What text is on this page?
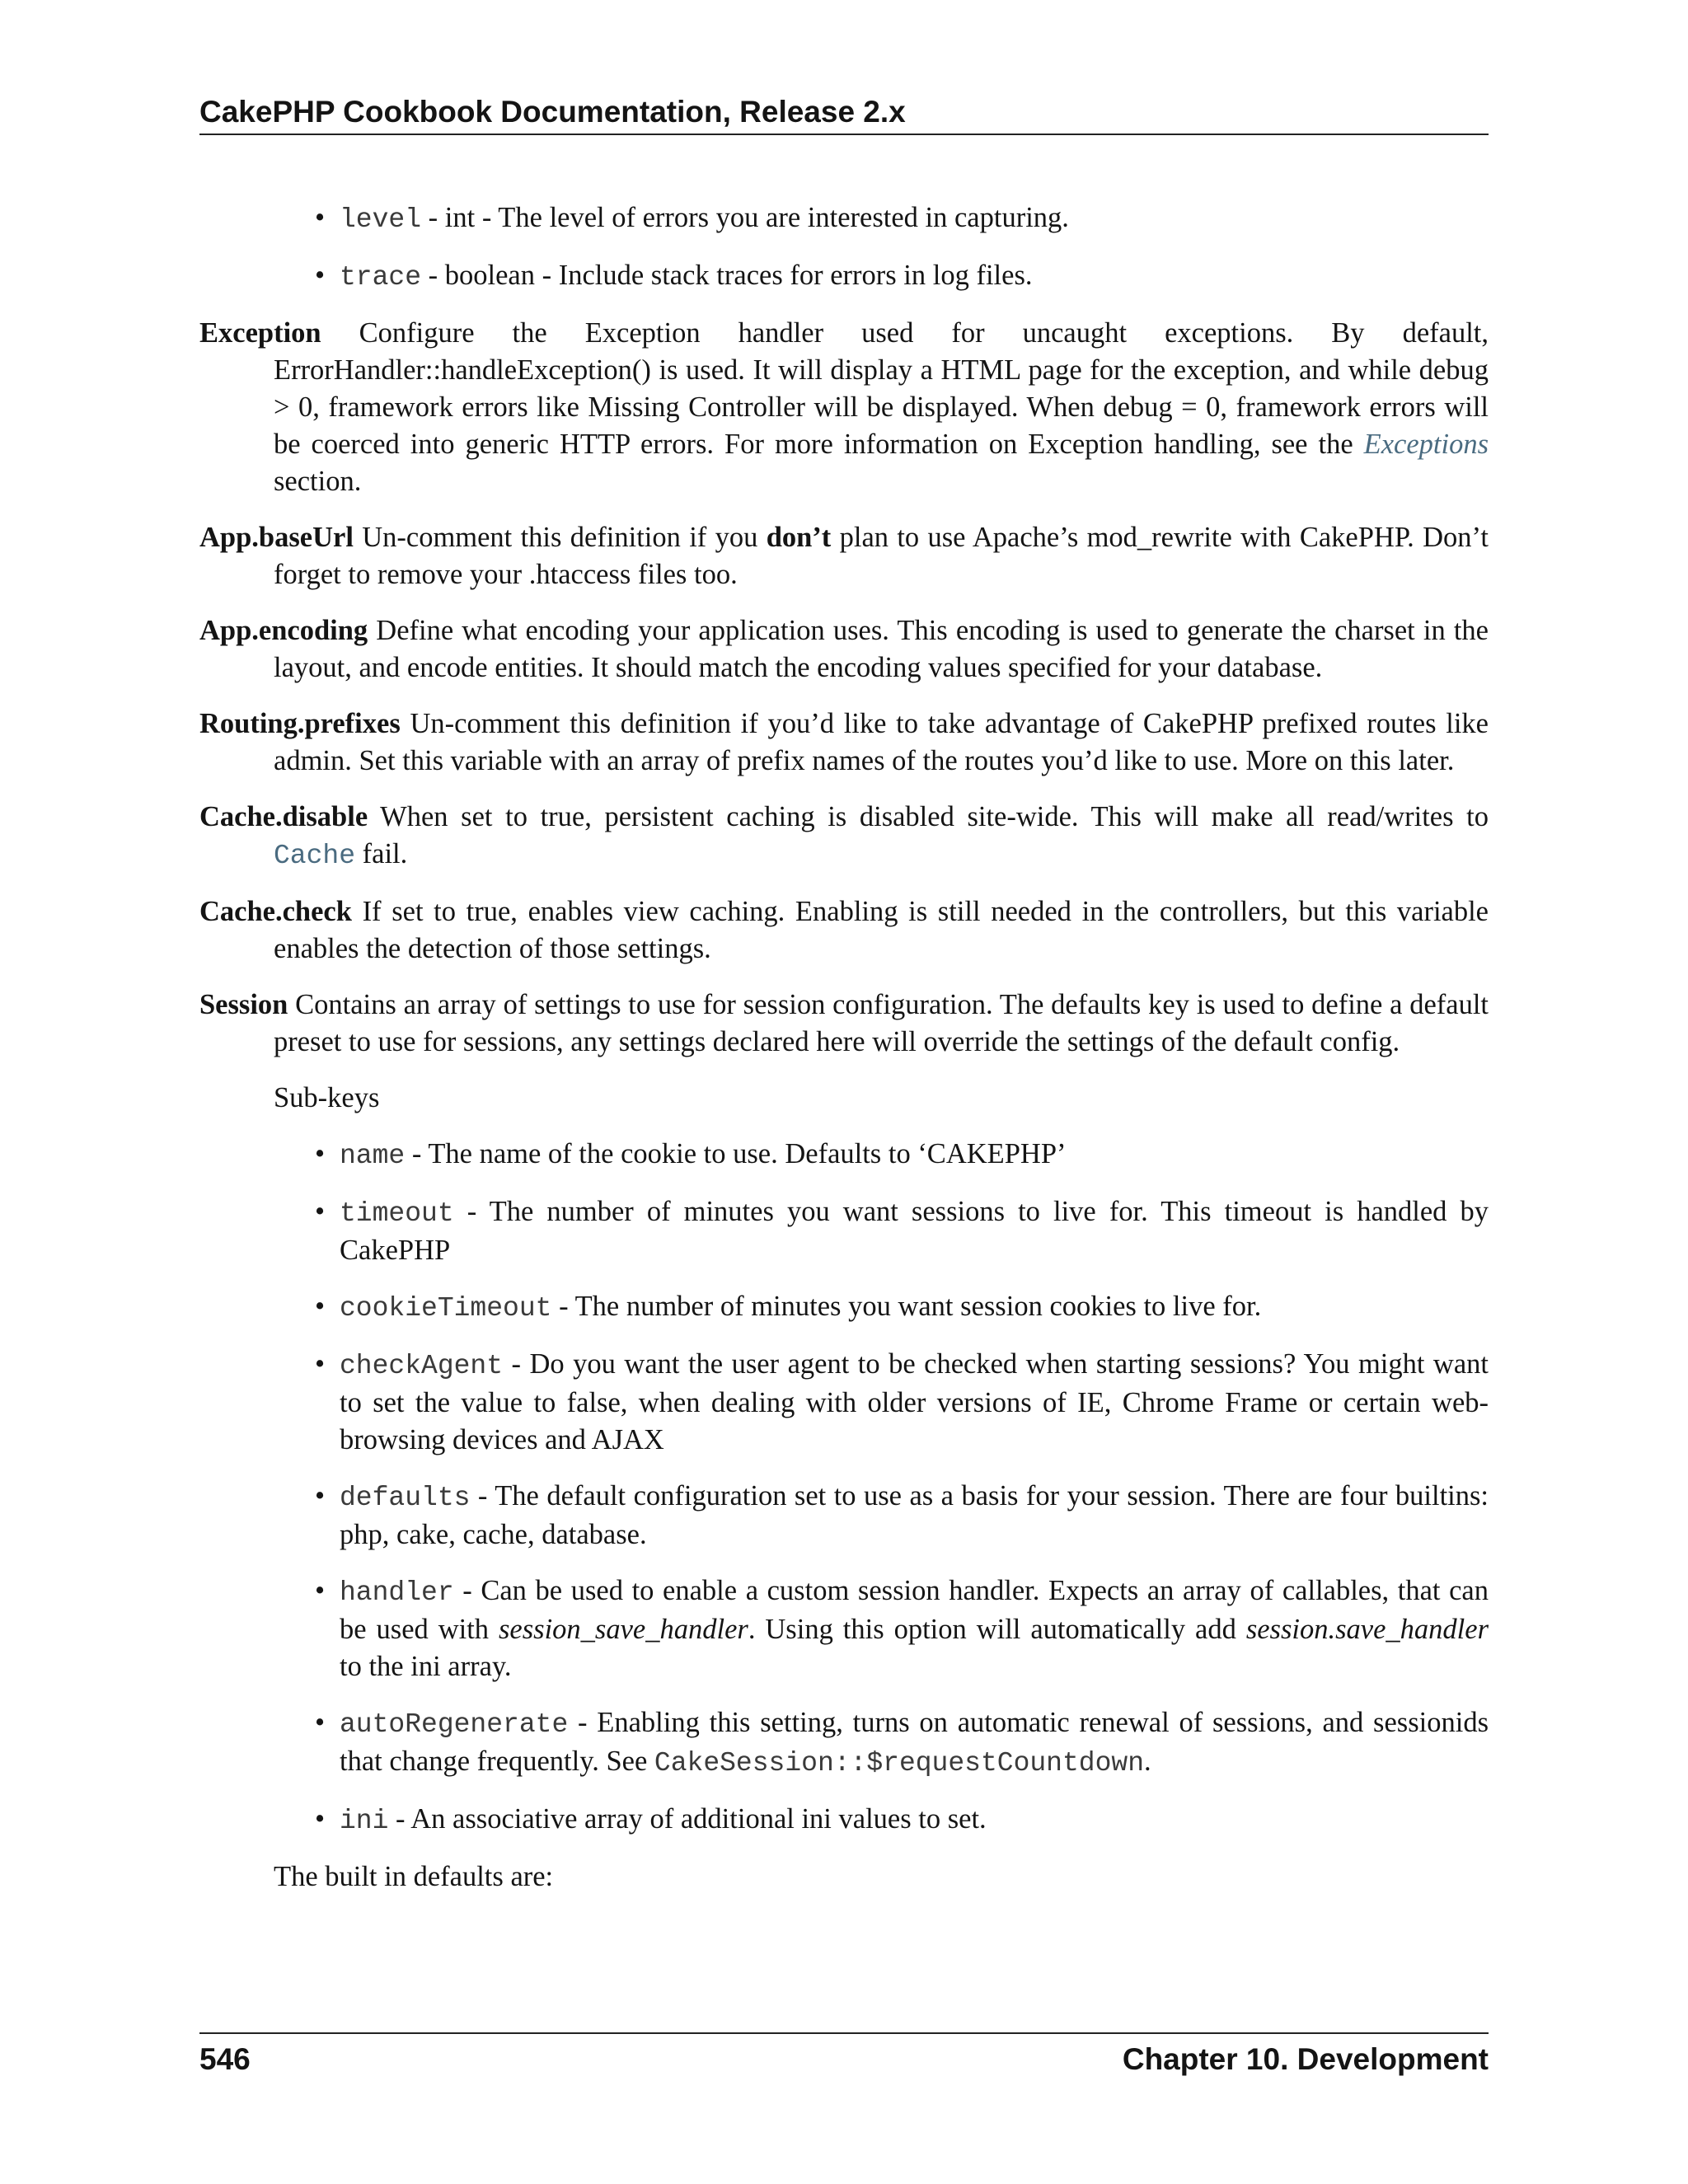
CakePHP Cookbook Documentation, Release 2.x
• level - int - The level of errors you are interested in capturing.
• trace - boolean - Include stack traces for errors in log files.
Exception Configure the Exception handler used for uncaught exceptions. By default, ErrorHandler::handleException() is used. It will display a HTML page for the exception, and while debug > 0, framework errors like Missing Controller will be displayed. When debug = 0, framework errors will be coerced into generic HTTP errors. For more information on Exception handling, see the Exceptions section.
App.baseUrl Un-comment this definition if you don’t plan to use Apache’s mod_rewrite with CakePHP. Don’t forget to remove your .htaccess files too.
App.encoding Define what encoding your application uses. This encoding is used to generate the charset in the layout, and encode entities. It should match the encoding values specified for your database.
Routing.prefixes Un-comment this definition if you’d like to take advantage of CakePHP prefixed routes like admin. Set this variable with an array of prefix names of the routes you’d like to use. More on this later.
Cache.disable When set to true, persistent caching is disabled site-wide. This will make all read/writes to Cache fail.
Cache.check If set to true, enables view caching. Enabling is still needed in the controllers, but this variable enables the detection of those settings.
Session Contains an array of settings to use for session configuration. The defaults key is used to define a default preset to use for sessions, any settings declared here will override the settings of the default config.
Sub-keys
• name - The name of the cookie to use. Defaults to ‘CAKEPHP’
• timeout - The number of minutes you want sessions to live for. This timeout is handled by CakePHP
• cookieTimeout - The number of minutes you want session cookies to live for.
• checkAgent - Do you want the user agent to be checked when starting sessions? You might want to set the value to false, when dealing with older versions of IE, Chrome Frame or certain web-browsing devices and AJAX
• defaults - The default configuration set to use as a basis for your session. There are four builtins: php, cake, cache, database.
• handler - Can be used to enable a custom session handler. Expects an array of callables, that can be used with session_save_handler. Using this option will automatically add session.save_handler to the ini array.
• autoRegenerate - Enabling this setting, turns on automatic renewal of sessions, and sessionids that change frequently. See CakeSession::$requestCountdown.
• ini - An associative array of additional ini values to set.
The built in defaults are:
546	Chapter 10. Development
